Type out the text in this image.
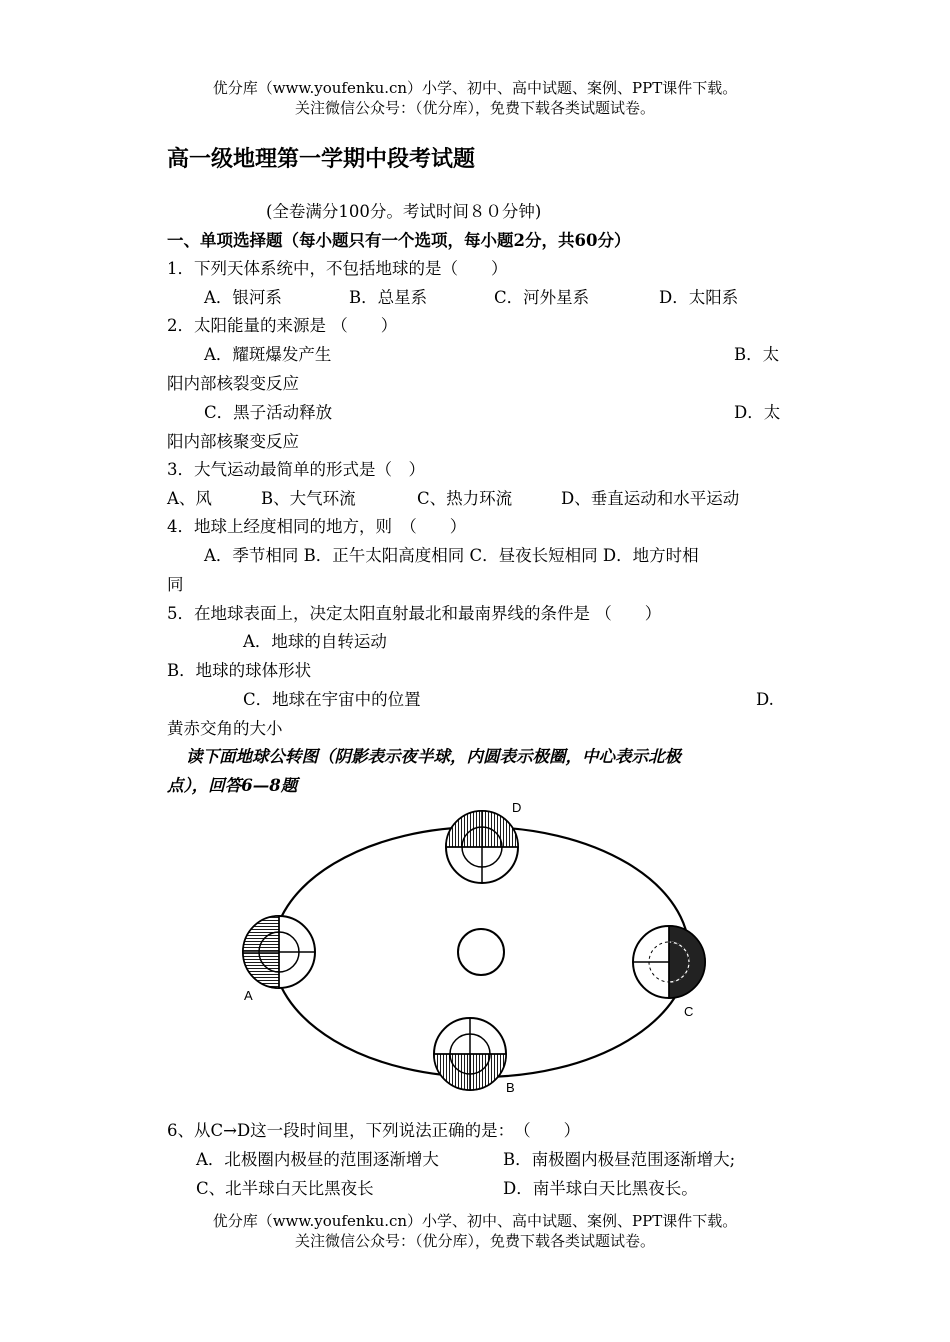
优分库（www.youfenku.cn）小学、初中、高中试题、案例、PPT课件下载。
关注微信公众号：（优分库），免费下载各类试题试卷。
高一级地理第一学期中段考试题
(全卷满分100分。考试时间８０分钟)
一、单项选择题（每小题只有一个选项，每小题2分，共60分）
1．下列天体系统中，不包括地球的是（　　）
A．银河系	B．总星系	C．河外星系	D．太阳系
2．太阳能量的来源是 （　　）
A．耀斑爆发产生	B．太
阳内部核裂变反应
C．黑子活动释放	D．太
阳内部核聚变反应
3．大气运动最简单的形式是（　）
A、风	B、大气环流	C、热力环流	D、垂直运动和水平运动
4．地球上经度相同的地方，则　（　　）
A．季节相同 B．正午太阳高度相同 C．昼夜长短相同 D．地方时相
同
5．在地球表面上，决定太阳直射最北和最南界线的条件是 （　　）
A．地球的自转运动
B．地球的球体形状
C．地球在宇宙中的位置	D.
黄赤交角的大小
读下面地球公转图（阴影表示夜半球，内圆表示极圈，中心表示北极
点），回答6—8题
D
A
C
B
6、从C→D这一段时间里，下列说法正确的是：　（　　）
A．北极圈内极昼的范围逐渐增大	B．南极圈内极昼范围逐渐增大;
C、北半球白天比黑夜长	D．南半球白天比黑夜长。
优分库（www.youfenku.cn）小学、初中、高中试题、案例、PPT课件下载。
关注微信公众号：（优分库），免费下载各类试题试卷。
